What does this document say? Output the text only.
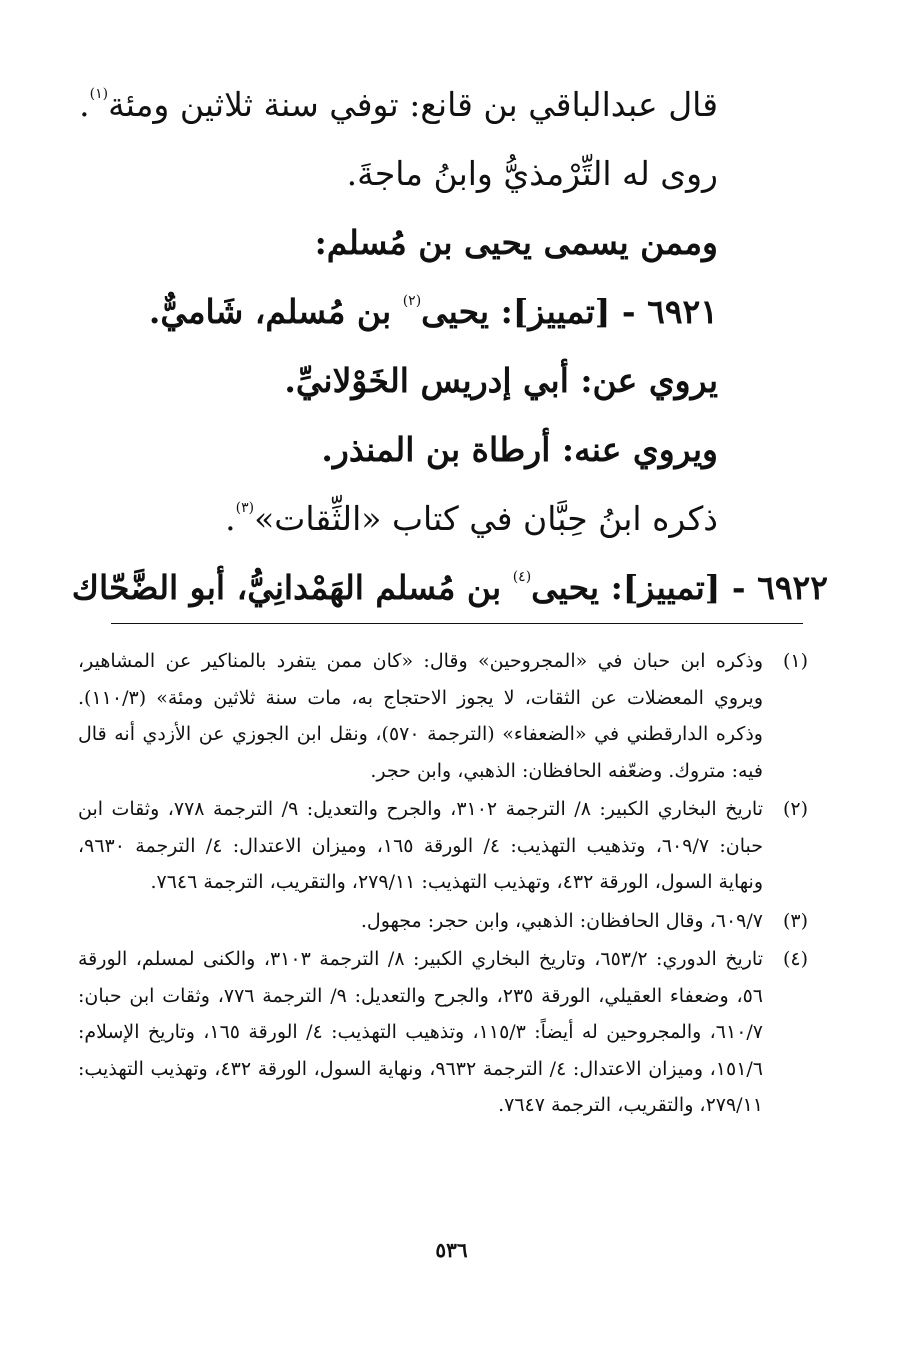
قال عبدالباقي بن قانع: توفي سنة ثلاثين ومئة$^{(١)}$.
روى له التِّرْمذيُّ وابنُ ماجةَ.
وممن يسمى يحيى بن مُسلم:
٦٩٢١ - [تمييز]: يحيى$^{(٢)}$ بن مُسلم، شَاميٌّ.
يروي عن: أبي إدريس الخَوْلانيِّ.
ويروي عنه: أرطاة بن المنذر.
ذكره ابنُ حِبَّان في كتاب «الثِّقات»$^{(٣)}$.
٦٩٢٢ - [تمييز]: يحيى$^{(٤)}$ بن مُسلم الهَمْدانِيُّ، أبو الضَّحّاك
(١)
وذكره ابن حبان في «المجروحين» وقال: «كان ممن يتفرد بالمناكير عن المشاهير، ويروي المعضلات عن الثقات، لا يجوز الاحتجاج به، مات سنة ثلاثين ومئة» (١١٠/٣). وذكره الدارقطني في «الضعفاء» (الترجمة ٥٧٠)، ونقل ابن الجوزي عن الأزدي أنه قال فيه: متروك. وضعّفه الحافظان: الذهبي، وابن حجر.
(٢)
تاريخ البخاري الكبير: ٨/ الترجمة ٣١٠٢، والجرح والتعديل: ٩/ الترجمة ٧٧٨، وثقات ابن حبان: ٦٠٩/٧، وتذهيب التهذيب: ٤/ الورقة ١٦٥، وميزان الاعتدال: ٤/ الترجمة ٩٦٣٠، ونهاية السول، الورقة ٤٣٢، وتهذيب التهذيب: ٢٧٩/١١، والتقريب، الترجمة ٧٦٤٦.
(٣)
٦٠٩/٧، وقال الحافظان: الذهبي، وابن حجر: مجهول.
(٤)
تاريخ الدوري: ٦٥٣/٢، وتاريخ البخاري الكبير: ٨/ الترجمة ٣١٠٣، والكنى لمسلم، الورقة ٥٦، وضعفاء العقيلي، الورقة ٢٣٥، والجرح والتعديل: ٩/ الترجمة ٧٧٦، وثقات ابن حبان: ٦١٠/٧، والمجروحين له أيضاً: ١١٥/٣، وتذهيب التهذيب: ٤/ الورقة ١٦٥، وتاريخ الإسلام: ١٥١/٦، وميزان الاعتدال: ٤/ الترجمة ٩٦٣٢، ونهاية السول، الورقة ٤٣٢، وتهذيب التهذيب: ٢٧٩/١١، والتقريب، الترجمة ٧٦٤٧.
٥٣٦
